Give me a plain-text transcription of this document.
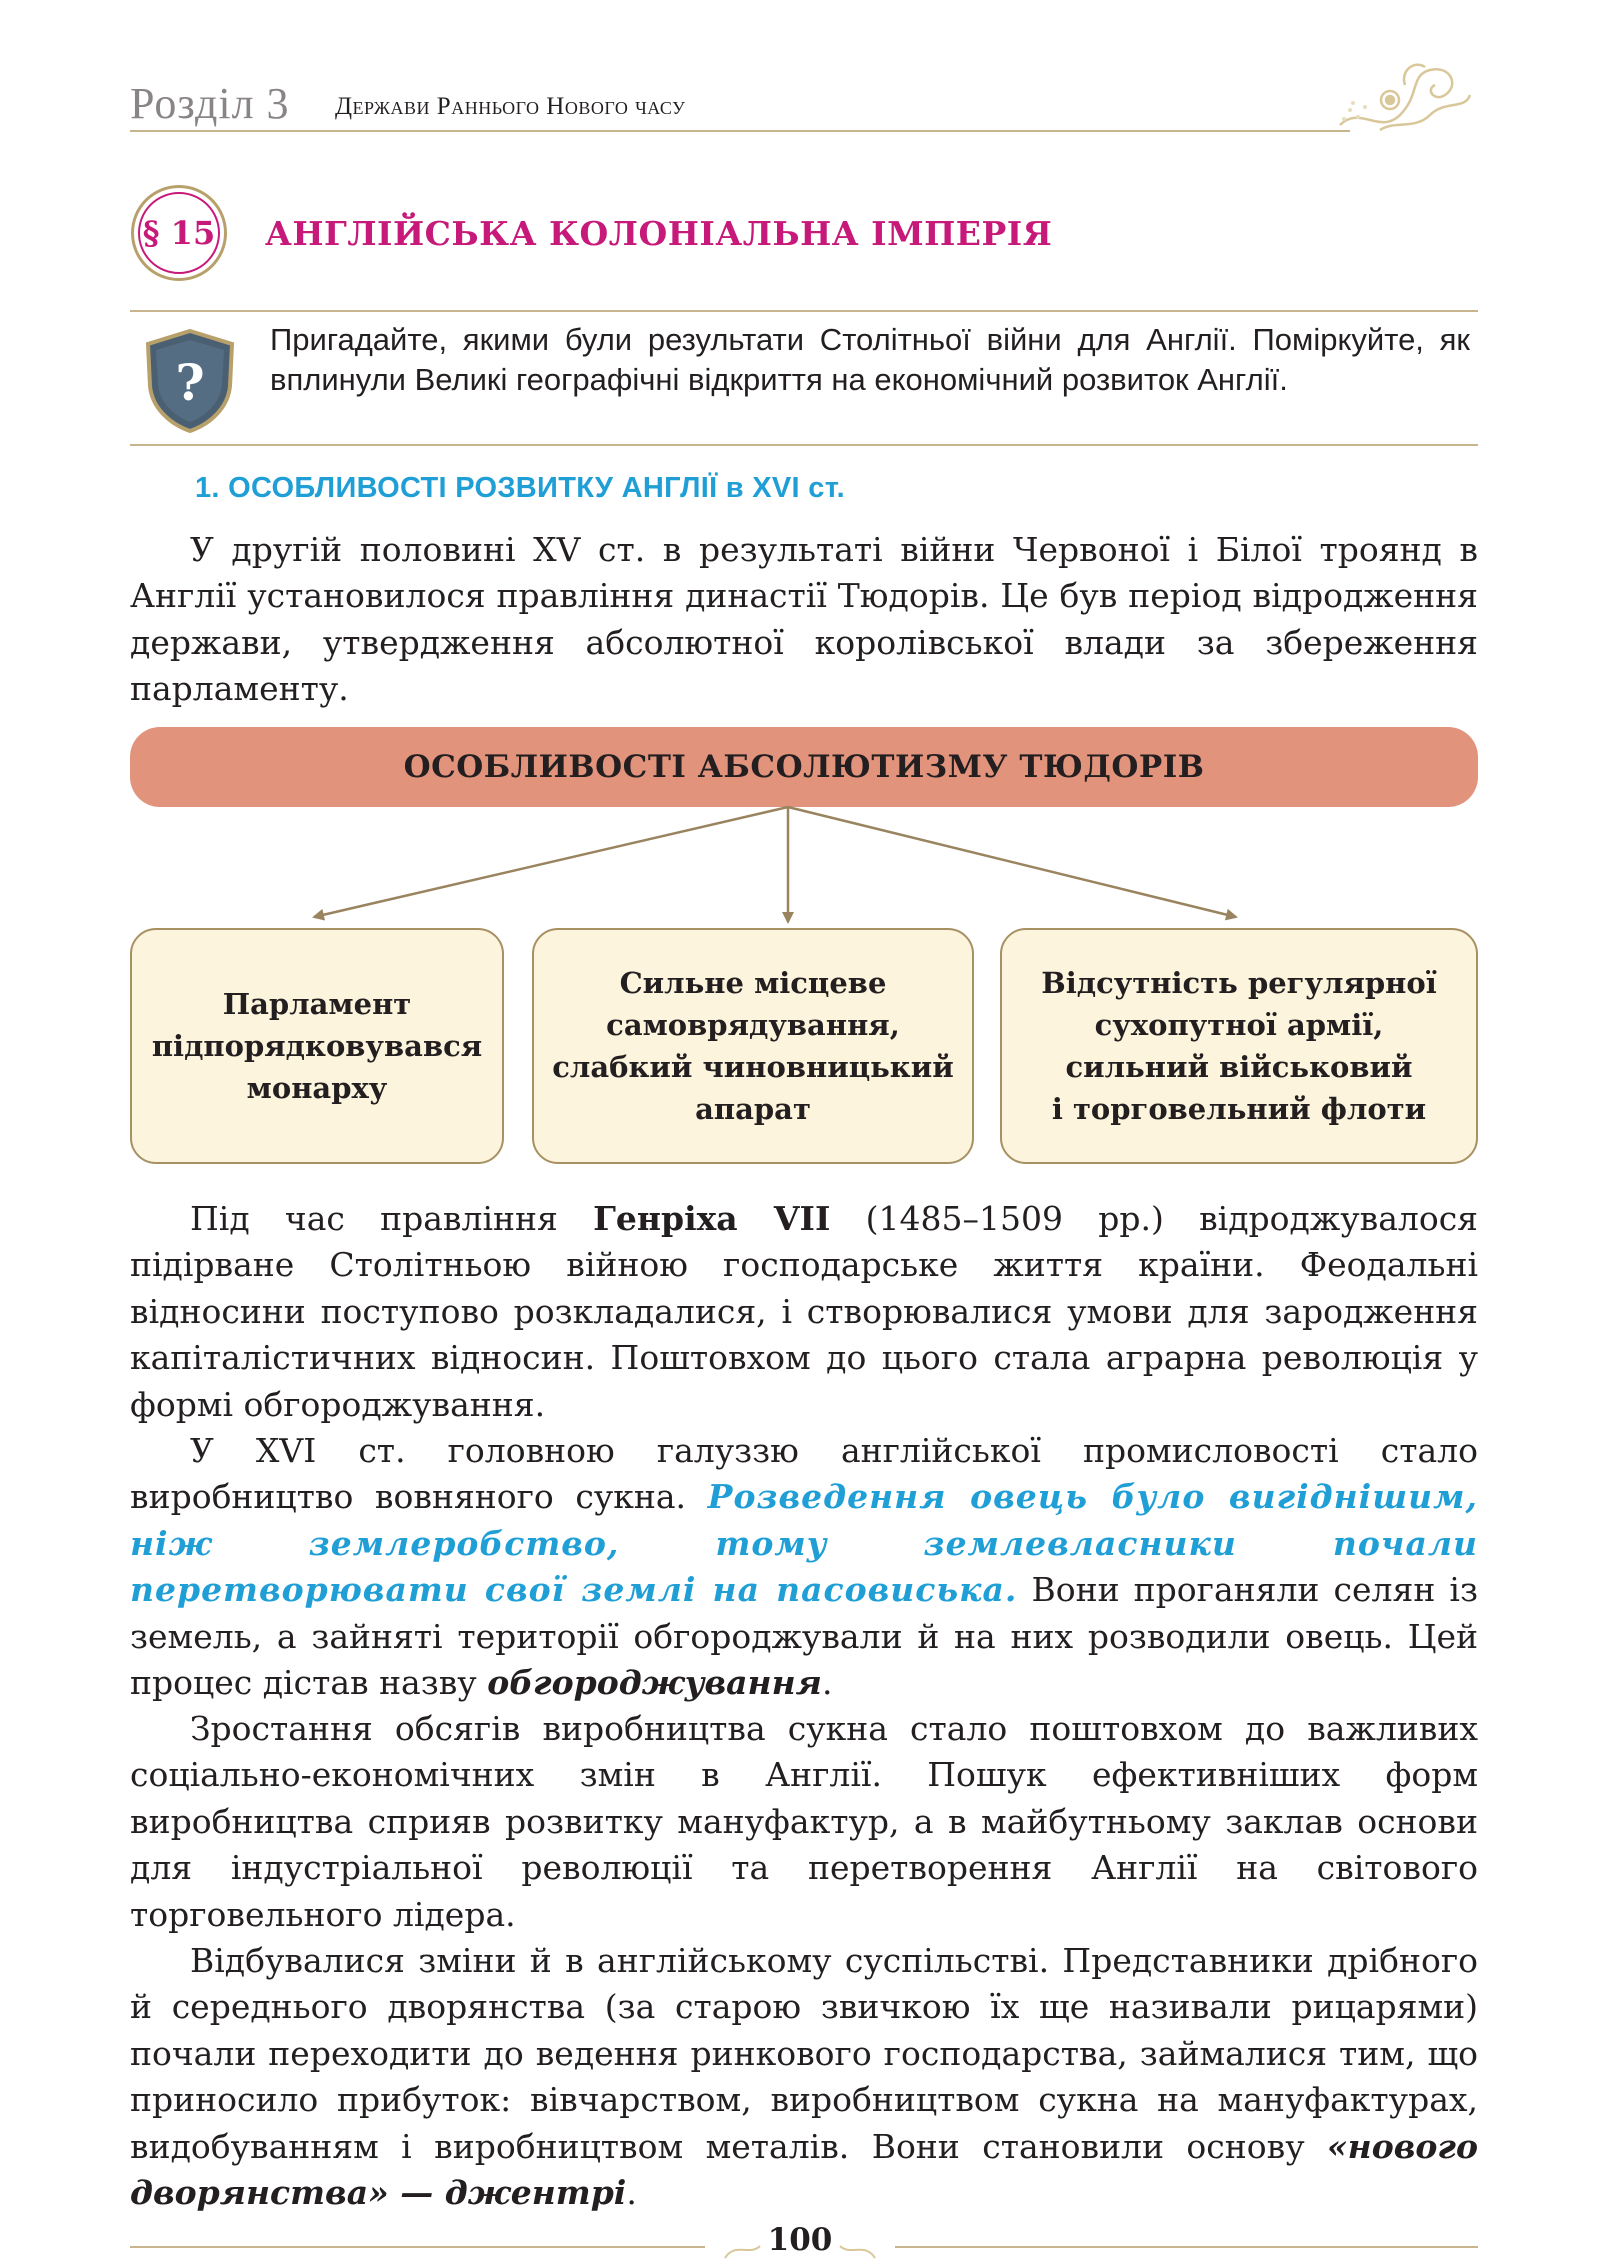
Розділ 3 Держави Раннього Нового часу
§ 15 АНГЛІЙСЬКА КОЛОНІАЛЬНА ІМПЕРІЯ
?

Пригадайте, якими були результати Столітньої війни для Англії. Поміркуйте, як вплинули Великі географічні відкриття на економічний розвиток Англії.

1. ОСОБЛИВОСТІ РОЗВИТКУ АНГЛІЇ в XVI ст.

У другій половині XV ст. в результаті війни Червоної і Білої троянд в Англії установилося правління династії Тюдорів. Це був період відродження держави, утвердження абсолютної королівської влади за збереження парламенту.

ОСОБЛИВОСТІ АБСОЛЮТИЗМУ ТЮДОРІВ
Парламент
підпорядковувався
монарху
Сильне місцеве
самоврядування,
слабкий чиновницький
апарат
Відсутність регулярної
сухопутної армії,
сильний військовий
і торговельний флоти

Під час правління Генріха VII (1485–1509 рр.) відроджувалося підірване Столітньою війною господарське життя країни. Феодальні відносини поступово розкладалися, і створювалися умови для зародження капіталістичних відносин. Поштовхом до цього стала аграрна революція у формі обгороджування.

У XVI ст. головною галуззю англійської промисловості стало виробництво вовняного сукна. Розведення овець було вигіднішим, ніж землеробство, тому землевласники почали перетворювати свої землі на пасовиська. Вони проганяли селян із земель, а зайняті території обгороджували й на них розводили овець. Цей процес дістав назву обгороджування.

Зростання обсягів виробництва сукна стало поштовхом до важливих соціально-економічних змін в Англії. Пошук ефективніших форм виробництва сприяв розвитку мануфактур, а в майбутньому заклав основи для індустріальної революції та перетворення Англії на світового торговельного лідера.

Відбувалися зміни й в англійському суспільстві. Представники дрібного й середнього дворянства (за старою звичкою їх ще називали рицарями) почали переходити до ведення ринкового господарства, займалися тим, що приносило прибуток: вівчарством, виробництвом сукна на мануфактурах, видобуванням і виробництвом металів. Вони становили основу «нового дворянства» — джентрі.

100
